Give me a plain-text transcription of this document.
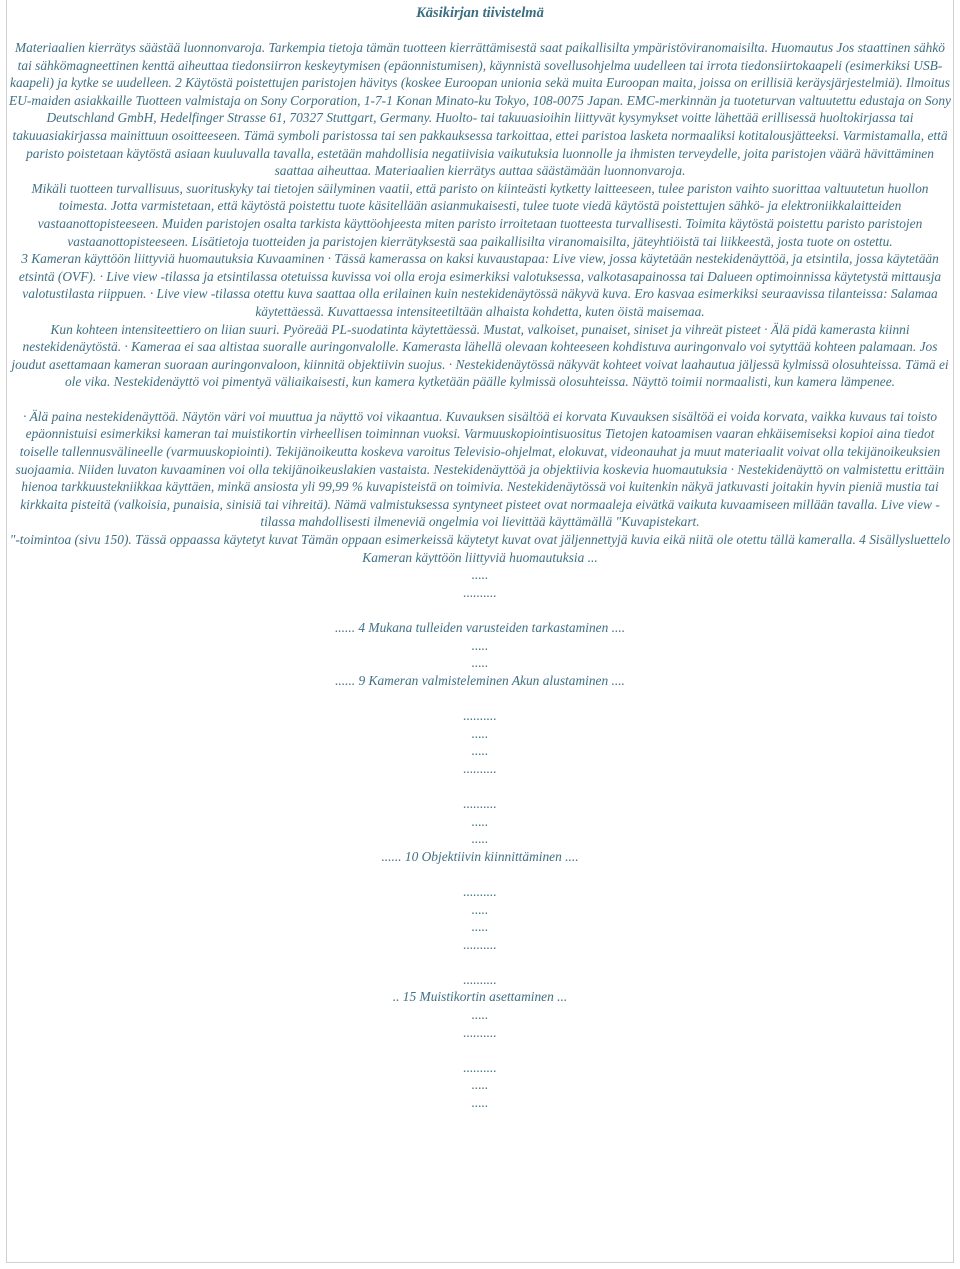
Käsikirjan tiivistelmä

Materiaalien kierrätys säästää luonnonvaroja. Tarkempia tietoja tämän tuotteen kierrättämisestä saat paikallisilta ympäristöviranomaisilta. Huomautus Jos staattinen sähkö tai sähkömagneettinen kenttä aiheuttaa tiedonsiirron keskeytymisen (epäonnistumisen), käynnistä sovellusohjelma uudelleen tai irrota tiedonsiirtokaapeli (esimerkiksi USB-kaapeli) ja kytke se uudelleen. 2 Käytöstä poistettujen paristojen hävitys (koskee Euroopan unionia sekä muita Euroopan maita, joissa on erillisiä keräysjärjestelmiä). Ilmoitus EU-maiden asiakkaille Tuotteen valmistaja on Sony Corporation, 1-7-1 Konan Minato-ku Tokyo, 108-0075 Japan. EMC-merkinnän ja tuoteturvan valtuutettu edustaja on Sony Deutschland GmbH, Hedelfinger Strasse 61, 70327 Stuttgart, Germany. Huolto- tai takuuasioihin liittyvät kysymykset voitte lähettää erillisessä huoltokirjassa tai takuuasiakirjassa mainittuun osoitteeseen. Tämä symboli paristossa tai sen pakkauksessa tarkoittaa, ettei paristoa lasketa normaaliksi kotitalousjätteeksi. Varmistamalla, että paristo poistetaan käytöstä asiaan kuuluvalla tavalla, estetään mahdollisia negatiivisia vaikutuksia luonnolle ja ihmisten terveydelle, joita paristojen väärä hävittäminen saattaa aiheuttaa. Materiaalien kierrätys auttaa säästämään luonnonvaroja.

Mikäli tuotteen turvallisuus, suorituskyky tai tietojen säilyminen vaatii, että paristo on kiinteästi kytketty laitteeseen, tulee pariston vaihto suorittaa valtuutetun huollon toimesta. Jotta varmistetaan, että käytöstä poistettu tuote käsitellään asianmukaisesti, tulee tuote viedä käytöstä poistettujen sähkö- ja elektroniikkalaitteiden vastaanottopisteeseen. Muiden paristojen osalta tarkista käyttöohjeesta miten paristo irroitetaan tuotteesta turvallisesti. Toimita käytöstä poistettu paristo paristojen vastaanottopisteeseen. Lisätietoja tuotteiden ja paristojen kierrätyksestä saa paikallisilta viranomaisilta, jäteyhtiöistä tai liikkeestä, josta tuote on ostettu.

3 Kameran käyttöön liittyviä huomautuksia Kuvaaminen · Tässä kamerassa on kaksi kuvaustapaa: Live view, jossa käytetään nestekidenäyttöä, ja etsintila, jossa käytetään etsintä (OVF). · Live view -tilassa ja etsintilassa otetuissa kuvissa voi olla eroja esimerkiksi valotuksessa, valkotasapainossa tai Dalueen optimoinnissa käytetystä mittausja valotustilasta riippuen. · Live view -tilassa otettu kuva saattaa olla erilainen kuin nestekidenäytössä näkyvä kuva. Ero kasvaa esimerkiksi seuraavissa tilanteissa: Salamaa käytettäessä. Kuvattaessa intensiteetiltään alhaista kohdetta, kuten öistä maisemaa.

Kun kohteen intensiteettiero on liian suuri. Pyöreää PL-suodatinta käytettäessä. Mustat, valkoiset, punaiset, siniset ja vihreät pisteet · Älä pidä kamerasta kiinni nestekidenäytöstä. · Kameraa ei saa altistaa suoralle auringonvalolle. Kamerasta lähellä olevaan kohteeseen kohdistuva auringonvalo voi sytyttää kohteen palamaan. Jos joudut asettamaan kameran suoraan auringonvaloon, kiinnitä objektiivin suojus. · Nestekidenäytössä näkyvät kohteet voivat laahautua jäljessä kylmissä olosuhteissa. Tämä ei ole vika. Nestekidenäyttö voi pimentyä väliaikaisesti, kun kamera kytketään päälle kylmissä olosuhteissa. Näyttö toimii normaalisti, kun kamera lämpenee.

· Älä paina nestekidenäyttöä. Näytön väri voi muuttua ja näyttö voi vikaantua. Kuvauksen sisältöä ei korvata Kuvauksen sisältöä ei voida korvata, vaikka kuvaus tai toisto epäonnistuisi esimerkiksi kameran tai muistikortin virheellisen toiminnan vuoksi. Varmuuskopiointisuositus Tietojen katoamisen vaaran ehkäisemiseksi kopioi aina tiedot toiselle tallennusvälineelle (varmuuskopiointi). Tekijänoikeutta koskeva varoitus Televisio-ohjelmat, elokuvat, videonauhat ja muut materiaalit voivat olla tekijänoikeuksien suojaamia. Niiden luvaton kuvaaminen voi olla tekijänoikeuslakien vastaista. Nestekidenäyttöä ja objektiivia koskevia huomautuksia · Nestekidenäyttö on valmistettu erittäin hienoa tarkkuustekniikkaa käyttäen, minkä ansiosta yli 99,99 % kuvapisteistä on toimivia. Nestekidenäytössä voi kuitenkin näkyä jatkuvasti joitakin hyvin pieniä mustia tai kirkkaita pisteitä (valkoisia, punaisia, sinisiä tai vihreitä). Nämä valmistuksessa syntyneet pisteet ovat normaaleja eivätkä vaikuta kuvaamiseen millään tavalla. Live view -tilassa mahdollisesti ilmeneviä ongelmia voi lievittää käyttämällä "Kuvapistekart.

"-toimintoa (sivu 150). Tässä oppaassa käytetyt kuvat Tämän oppaan esimerkeissä käytetyt kuvat ovat jäljennettyjä kuvia eikä niitä ole otettu tällä kameralla. 4 Sisällysluettelo Kameran käyttöön liittyviä huomautuksia ...

.....
..........
...... 4 Mukana tulleiden varusteiden tarkastaminen ....
.....
.....
...... 9 Kameran valmisteleminen Akun alustaminen ....
..........
.....
.....
..........
..........
.....
.....
...... 10 Objektiivin kiinnittäminen ....
..........
.....
.....
..........
..........
.. 15 Muistikortin asettaminen ...
.....
..........
..........
.....
.....
